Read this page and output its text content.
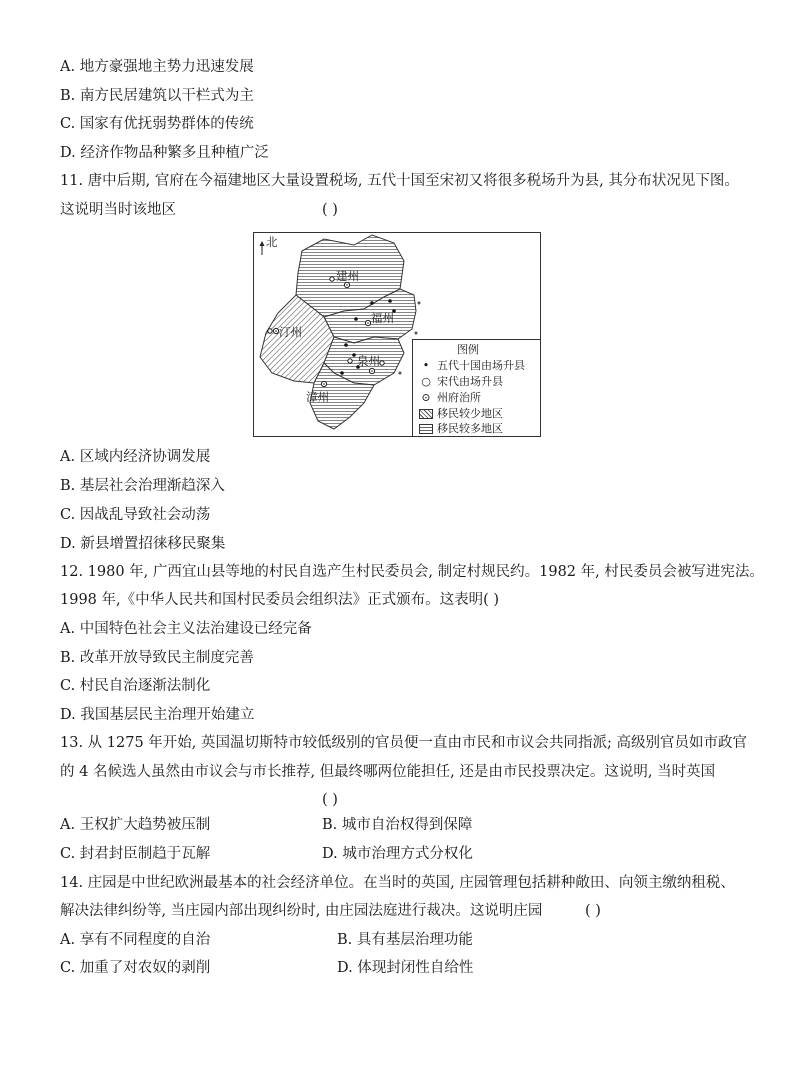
A. 地方豪强地主势力迅速发展
B. 南方民居建筑以干栏式为主
C. 国家有优抚弱势群体的传统
D. 经济作物品种繁多且种植广泛
11. 唐中后期, 官府在今福建地区大量设置税场, 五代十国至宋初又将很多税场升为县, 其分布状况见下图。
这说明当时该地区	( )
北
建州
福州
汀州
泉州
漳州
图例
• 五代十国由场升县
○ 宋代由场升县
⊙ 州府治所
移民较少地区
移民较多地区
A. 区域内经济协调发展
B. 基层社会治理渐趋深入
C. 因战乱导致社会动荡
D. 新县增置招徕移民聚集
12. 1980 年, 广西宜山县等地的村民自选产生村民委员会, 制定村规民约。1982 年, 村民委员会被写进宪法。
1998 年,《中华人民共和国村民委员会组织法》正式颁布。这表明( )
A. 中国特色社会主义法治建设已经完备
B. 改革开放导致民主制度完善
C. 村民自治逐渐法制化
D. 我国基层民主治理开始建立
13. 从 1275 年开始, 英国温切斯特市较低级别的官员便一直由市民和市议会共同指派; 高级别官员如市政官
的 4 名候选人虽然由市议会与市长推荐, 但最终哪两位能担任, 还是由市民投票决定。这说明, 当时英国
( )
A. 王权扩大趋势被压制	B. 城市自治权得到保障
C. 封君封臣制趋于瓦解	D. 城市治理方式分权化
14. 庄园是中世纪欧洲最基本的社会经济单位。在当时的英国, 庄园管理包括耕种敞田、向领主缴纳租税、
解决法律纠纷等, 当庄园内部出现纠纷时, 由庄园法庭进行裁决。这说明庄园	( )
A. 享有不同程度的自治	B. 具有基层治理功能
C. 加重了对农奴的剥削	D. 体现封闭性自给性
